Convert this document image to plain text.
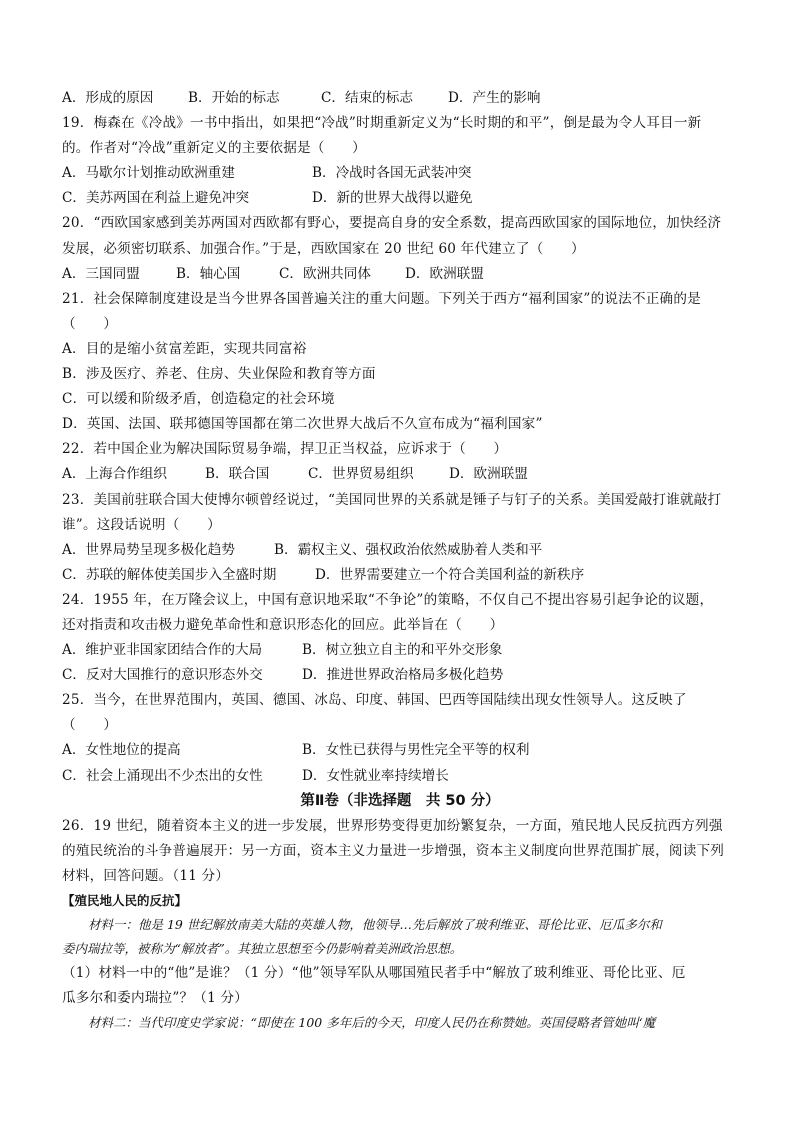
A．形成的原因	B．开始的标志	C．结束的标志	D．产生的影响
19．梅森在《冷战》一书中指出，如果把“冷战”时期重新定义为“长时期的和平”，倒是最为令人耳目一新
的。作者对“冷战”重新定义的主要依据是（　　）
A．马歇尔计划推动欧洲重建	B．冷战时各国无武装冲突
C．美苏两国在利益上避免冲突	D．新的世界大战得以避免
20．“西欧国家感到美苏两国对西欧都有野心，要提高自身的安全系数，提高西欧国家的国际地位，加快经济
发展，必须密切联系、加强合作。”于是，西欧国家在 20 世纪 60 年代建立了（　　）
A．三国同盟	B．轴心国	C．欧洲共同体	D．欧洲联盟
21．社会保障制度建设是当今世界各国普遍关注的重大问题。下列关于西方“福利国家”的说法不正确的是
（　　）
A．目的是缩小贫富差距，实现共同富裕
B．涉及医疗、养老、住房、失业保险和教育等方面
C．可以缓和阶级矛盾，创造稳定的社会环境
D．英国、法国、联邦德国等国都在第二次世界大战后不久宣布成为“福利国家”
22．若中国企业为解决国际贸易争端，捍卫正当权益，应诉求于（　　）
A．上海合作组织	B．联合国	C．世界贸易组织	D．欧洲联盟
23．美国前驻联合国大使博尔顿曾经说过，“美国同世界的关系就是锤子与钉子的关系。美国爱敲打谁就敲打
谁”。这段话说明（　　）
A．世界局势呈现多极化趋势	B．霸权主义、强权政治依然威胁着人类和平
C．苏联的解体使美国步入全盛时期	D．世界需要建立一个符合美国利益的新秩序
24．1955 年，在万隆会议上，中国有意识地采取“不争论”的策略，不仅自己不提出容易引起争论的议题，
还对指责和攻击极力避免革命性和意识形态化的回应。此举旨在（　　）
A．维护亚非国家团结合作的大局	B．树立独立自主的和平外交形象
C．反对大国推行的意识形态外交	D．推进世界政治格局多极化趋势
25．当今，在世界范围内，英国、德国、冰岛、印度、韩国、巴西等国陆续出现女性领导人。这反映了
（　　）
A．女性地位的提高	B．女性已获得与男性完全平等的权利
C．社会上涌现出不少杰出的女性	D．女性就业率持续增长
第Ⅱ卷（非选择题　共 50 分）
26．19 世纪，随着资本主义的进一步发展，世界形势变得更加纷繁复杂，一方面，殖民地人民反抗西方列强
的殖民统治的斗争普遍展开：另一方面，资本主义力量进一步增强，资本主义制度向世界范围扩展，阅读下列
材料，回答问题。（11 分）
【殖民地人民的反抗】
材料一：他是 19 世纪解放南美大陆的英雄人物，他领导…先后解放了玻利维亚、哥伦比亚、厄瓜多尔和
委内瑞拉等，被称为“解放者”。其独立思想至今仍影响着美洲政治思想。
（1）材料一中的“他”是谁？（1 分）“他”领导军队从哪国殖民者手中“解放了玻利维亚、哥伦比亚、厄
瓜多尔和委内瑞拉”？（1 分）
材料二：当代印度史学家说：“即使在 100 多年后的今天，印度人民仍在称赞她。英国侵略者管她叫‘魔
